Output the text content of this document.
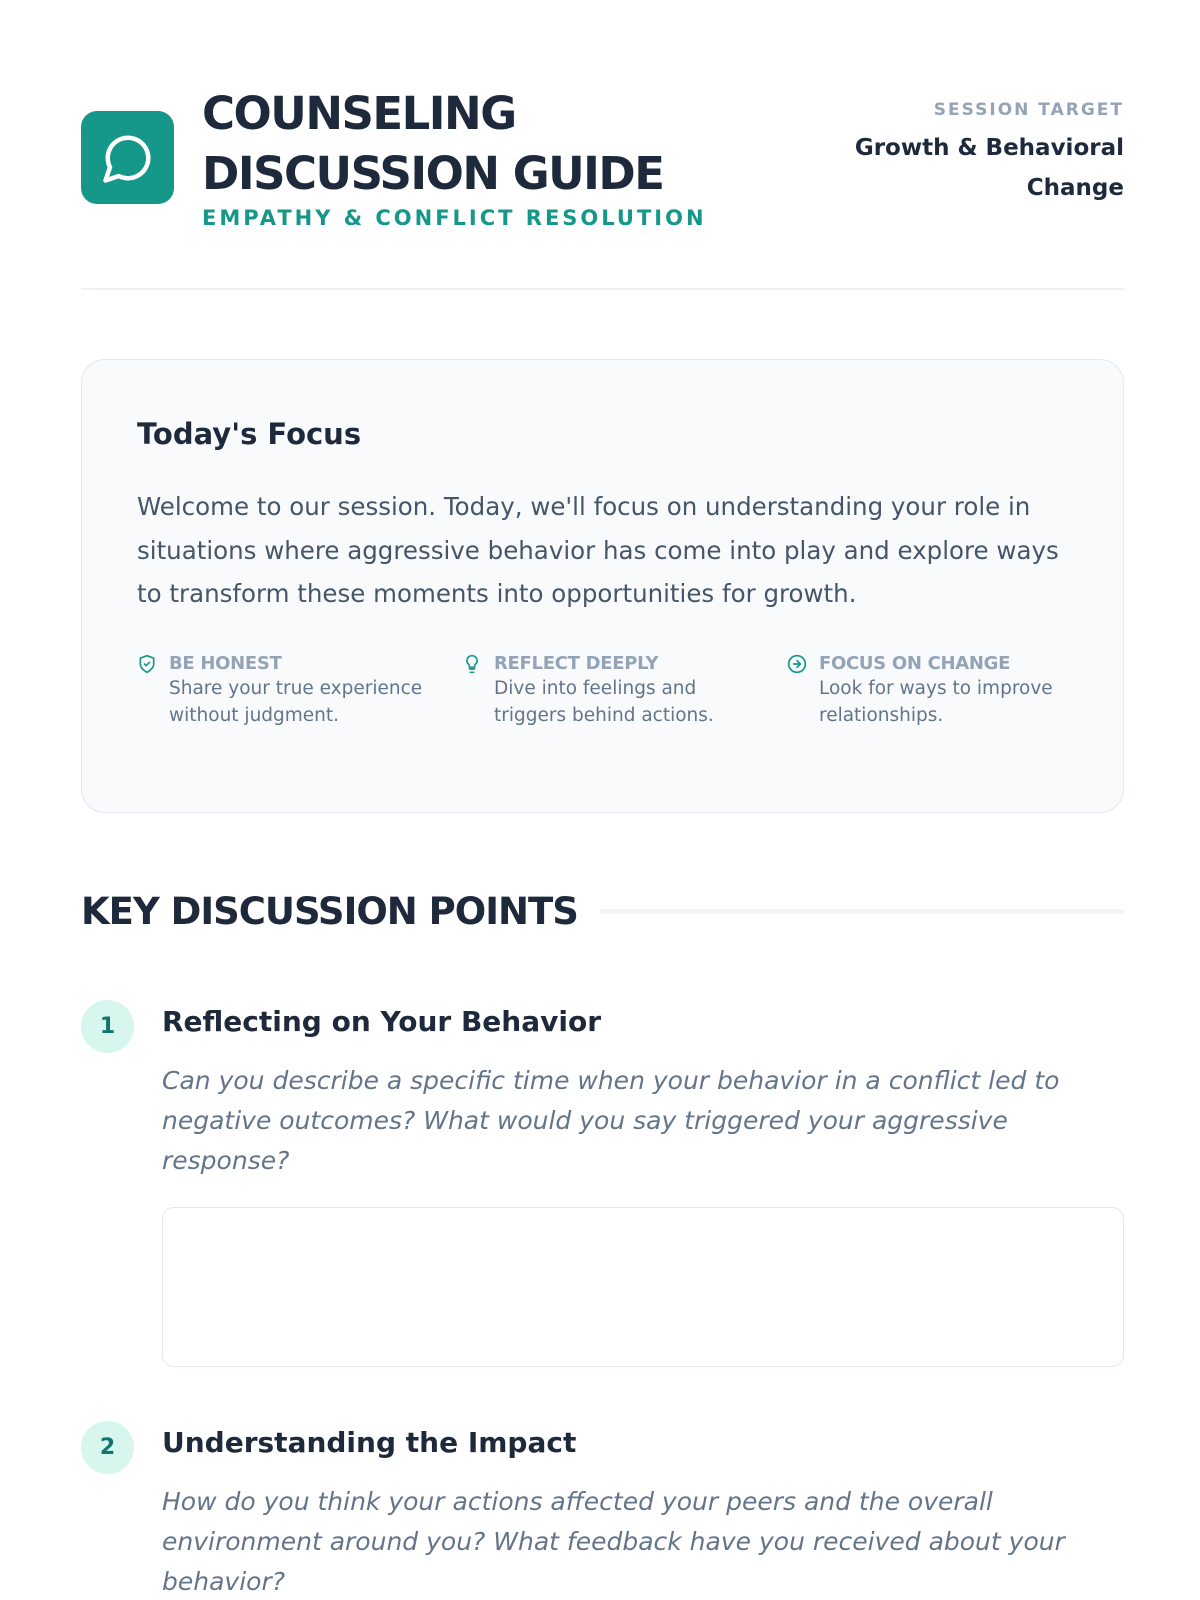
COUNSELING
DISCUSSION GUIDE
EMPATHY & CONFLICT RESOLUTION
SESSION TARGET
Growth & Behavioral
Change
Today's Focus
Welcome to our session. Today, we'll focus on understanding your role in situations where aggressive behavior has come into play and explore ways to transform these moments into opportunities for growth.
BE HONEST
Share your true experience without judgment.
REFLECT DEEPLY
Dive into feelings and triggers behind actions.
FOCUS ON CHANGE
Look for ways to improve relationships.
KEY DISCUSSION POINTS
1	Reflecting on Your Behavior
Can you describe a specific time when your behavior in a conflict led to negative outcomes? What would you say triggered your aggressive response?
2	Understanding the Impact
How do you think your actions affected your peers and the overall environment around you? What feedback have you received about your behavior?
